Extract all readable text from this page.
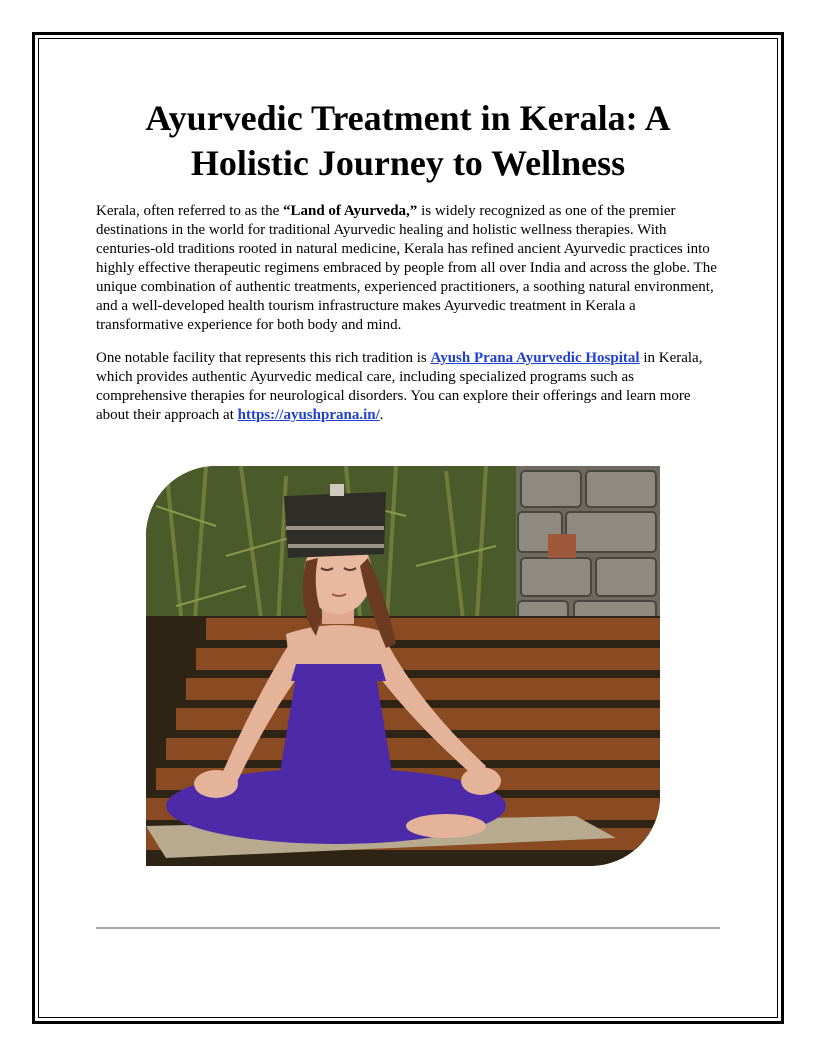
Ayurvedic Treatment in Kerala: A Holistic Journey to Wellness

Kerala, often referred to as the “Land of Ayurveda,” is widely recognized as one of the premier destinations in the world for traditional Ayurvedic healing and holistic wellness therapies. With centuries-old traditions rooted in natural medicine, Kerala has refined ancient Ayurvedic practices into highly effective therapeutic regimens embraced by people from all over India and across the globe. The unique combination of authentic treatments, experienced practitioners, a soothing natural environment, and a well-developed health tourism infrastructure makes Ayurvedic treatment in Kerala a transformative experience for both body and mind.

One notable facility that represents this rich tradition is Ayush Prana Ayurvedic Hospital in Kerala, which provides authentic Ayurvedic medical care, including specialized programs such as comprehensive therapies for neurological disorders. You can explore their offerings and learn more about their approach at https://ayushprana.in/.
